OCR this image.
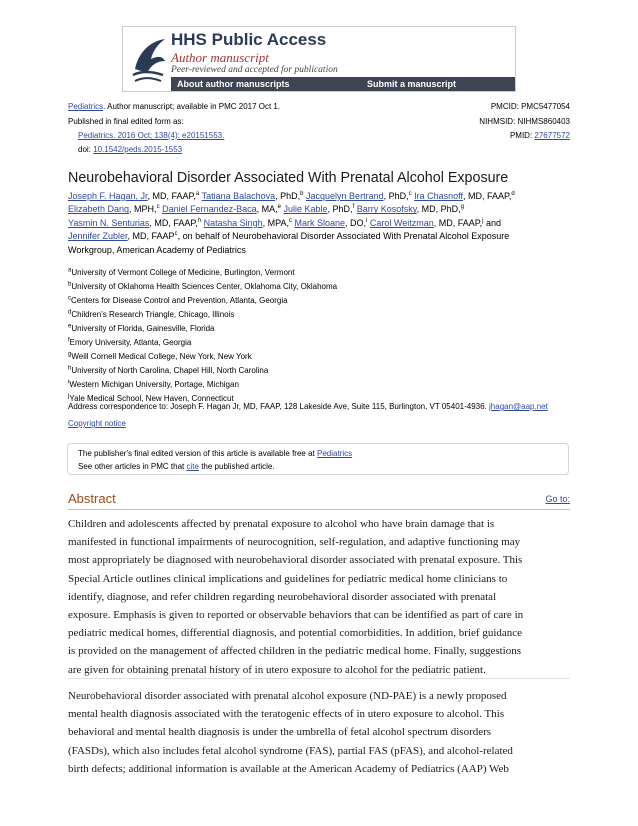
HHS Public Access
Author manuscript
Peer-reviewed and accepted for publication
About author manuscripts	Submit a manuscript
Pediatrics. Author manuscript; available in PMC 2017 Oct 1.
Published in final edited form as:
Pediatrics. 2016 Oct; 138(4): e20151553.
doi: 10.1542/peds.2015-1553
PMCID: PMC5477054
NIHMSID: NIHMS860403
PMID: 27677572
Neurobehavioral Disorder Associated With Prenatal Alcohol Exposure
Joseph F. Hagan, Jr, MD, FAAP,$^a$ Tatiana Balachova, PhD,$^b$ Jacquelyn Bertrand, PhD,$^c$ Ira Chasnoff, MD, FAAP,$^d$
Elizabeth Dang, MPH,$^c$ Daniel Fernandez-Baca, MA,$^e$ Julie Kable, PhD,$^f$ Barry Kosofsky, MD, PhD,$^g$
Yasmin N. Senturias, MD, FAAP,$^h$ Natasha Singh, MPA,$^c$ Mark Sloane, DO,$^i$ Carol Weitzman, MD, FAAP,$^j$ and
Jennifer Zubler, MD, FAAP$^c$, on behalf of Neurobehavioral Disorder Associated With Prenatal Alcohol Exposure
Workgroup, American Academy of Pediatrics
$^a$University of Vermont College of Medicine, Burlington, Vermont
$^b$University of Oklahoma Health Sciences Center, Oklahoma City, Oklahoma
$^c$Centers for Disease Control and Prevention, Atlanta, Georgia
$^d$Children’s Research Triangle, Chicago, Illinois
$^e$University of Florida, Gainesville, Florida
$^f$Emory University, Atlanta, Georgia
$^g$Weill Cornell Medical College, New York, New York
$^h$University of North Carolina, Chapel Hill, North Carolina
$^i$Western Michigan University, Portage, Michigan
$^j$Yale Medical School, New Haven, Connecticut
Address correspondence to: Joseph F. Hagan Jr, MD, FAAP, 128 Lakeside Ave, Suite 115, Burlington, VT 05401-4936. jhagan@aap.net
Copyright notice
The publisher's final edited version of this article is available free at Pediatrics
See other articles in PMC that cite the published article.
Abstract	Go to:
Children and adolescents affected by prenatal exposure to alcohol who have brain damage that is
manifested in functional impairments of neurocognition, self-regulation, and adaptive functioning may
most appropriately be diagnosed with neurobehavioral disorder associated with prenatal exposure. This
Special Article outlines clinical implications and guidelines for pediatric medical home clinicians to
identify, diagnose, and refer children regarding neurobehavioral disorder associated with prenatal
exposure. Emphasis is given to reported or observable behaviors that can be identified as part of care in
pediatric medical homes, differential diagnosis, and potential comorbidities. In addition, brief guidance
is provided on the management of affected children in the pediatric medical home. Finally, suggestions
are given for obtaining prenatal history of in utero exposure to alcohol for the pediatric patient.
Neurobehavioral disorder associated with prenatal alcohol exposure (ND-PAE) is a newly proposed
mental health diagnosis associated with the teratogenic effects of in utero exposure to alcohol. This
behavioral and mental health diagnosis is under the umbrella of fetal alcohol spectrum disorders
(FASDs), which also includes fetal alcohol syndrome (FAS), partial FAS (pFAS), and alcohol-related
birth defects; additional information is available at the American Academy of Pediatrics (AAP) Web
